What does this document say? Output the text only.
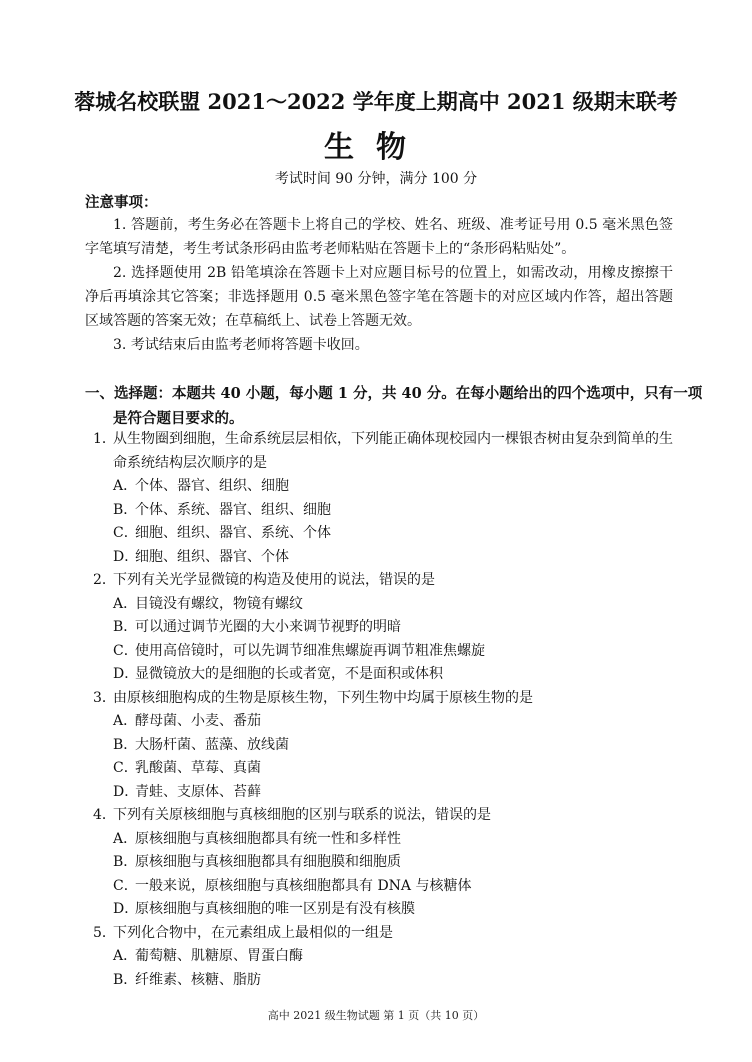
蓉城名校联盟 2021～2022 学年度上期高中 2021 级期末联考
生物
考试时间 90 分钟，满分 100 分
注意事项：

1. 答题前，考生务必在答题卡上将自己的学校、姓名、班级、准考证号用 0.5 毫米黑色签字笔填写清楚，考生考试条形码由监考老师粘贴在答题卡上的“条形码粘贴处”。

2. 选择题使用 2B 铅笔填涂在答题卡上对应题目标号的位置上，如需改动，用橡皮擦擦干净后再填涂其它答案；非选择题用 0.5 毫米黑色签字笔在答题卡的对应区域内作答，超出答题区域答题的答案无效；在草稿纸上、试卷上答题无效。

3. 考试结束后由监考老师将答题卡收回。

一、选择题：本题共 40 小题，每小题 1 分，共 40 分。在每小题给出的四个选项中，只有一项是符合题目要求的。

1．从生物圈到细胞，生命系统层层相依，下列能正确体现校园内一棵银杏树由复杂到简单的生命系统结构层次顺序的是

A．个体、器官、组织、细胞

B．个体、系统、器官、组织、细胞

C．细胞、组织、器官、系统、个体

D．细胞、组织、器官、个体

2．下列有关光学显微镜的构造及使用的说法，错误的是

A．目镜没有螺纹，物镜有螺纹

B．可以通过调节光圈的大小来调节视野的明暗

C．使用高倍镜时，可以先调节细准焦螺旋再调节粗准焦螺旋

D．显微镜放大的是细胞的长或者宽，不是面积或体积

3．由原核细胞构成的生物是原核生物，下列生物中均属于原核生物的是

A．酵母菌、小麦、番茄

B．大肠杆菌、蓝藻、放线菌

C．乳酸菌、草莓、真菌

D．青蛙、支原体、苔藓

4．下列有关原核细胞与真核细胞的区别与联系的说法，错误的是

A．原核细胞与真核细胞都具有统一性和多样性

B．原核细胞与真核细胞都具有细胞膜和细胞质

C．一般来说，原核细胞与真核细胞都具有 DNA 与核糖体

D．原核细胞与真核细胞的唯一区别是有没有核膜

5．下列化合物中，在元素组成上最相似的一组是

A．葡萄糖、肌糖原、胃蛋白酶

B．纤维素、核糖、脂肪

高中 2021 级生物试题 第 1 页（共 10 页）
